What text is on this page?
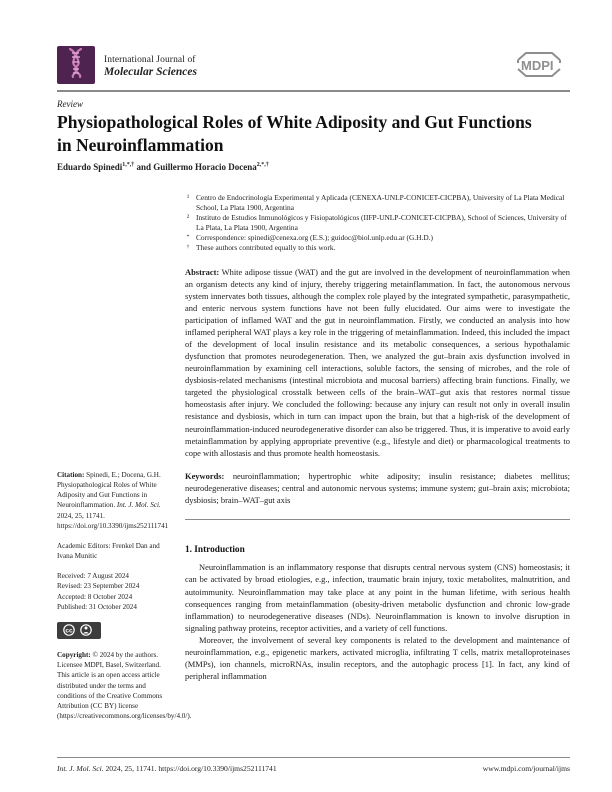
International Journal of
Molecular Sciences	MDPI
Review
Physiopathological Roles of White Adiposity and Gut Functions in Neuroinflammation
Eduardo Spinedi$^{1,*,\dagger}$ and Guillermo Horacio Docena$^{2,*,\dagger}$
1 Centro de Endocrinología Experimental y Aplicada (CENEXA-UNLP-CONICET-CICPBA), University of La Plata Medical School, La Plata 1900, Argentina
2 Instituto de Estudios Inmunológicos y Fisiopatológicos (IIFP-UNLP-CONICET-CICPBA), School of Sciences, University of La Plata, La Plata 1900, Argentina
* Correspondence: spinedi@cenexa.org (E.S.); guidoc@biol.unlp.edu.ar (G.H.D.)
† These authors contributed equally to this work.

Abstract: White adipose tissue (WAT) and the gut are involved in the development of neuroinflammation when an organism detects any kind of injury, thereby triggering metainflammation. In fact, the autonomous nervous system innervates both tissues, although the complex role played by the integrated sympathetic, parasympathetic, and enteric nervous system functions have not been fully elucidated. Our aims were to investigate the participation of inflamed WAT and the gut in neuroinflammation. Firstly, we conducted an analysis into how inflamed peripheral WAT plays a key role in the triggering of metainflammation. Indeed, this included the impact of the development of local insulin resistance and its metabolic consequences, a serious hypothalamic dysfunction that promotes neurodegeneration. Then, we analyzed the gut–brain axis dysfunction involved in neuroinflammation by examining cell interactions, soluble factors, the sensing of microbes, and the role of dysbiosis-related mechanisms (intestinal microbiota and mucosal barriers) affecting brain functions. Finally, we targeted the physiological crosstalk between cells of the brain–WAT–gut axis that restores normal tissue homeostasis after injury. We concluded the following: because any injury can result not only in overall insulin resistance and dysbiosis, which in turn can impact upon the brain, but that a high-risk of the development of neuroinflammation-induced neurodegenerative disorder can also be triggered. Thus, it is imperative to avoid early metainflammation by applying appropriate preventive (e.g., lifestyle and diet) or pharmacological treatments to cope with allostasis and thus promote health homeostasis.

Keywords: neuroinflammation; hypertrophic white adiposity; insulin resistance; diabetes mellitus; neurodegenerative diseases; central and autonomic nervous systems; immune system; gut–brain axis; microbiota; dysbiosis; brain–WAT–gut axis

1. Introduction

Neuroinflammation is an inflammatory response that disrupts central nervous system (CNS) homeostasis; it can be activated by broad etiologies, e.g., infection, traumatic brain injury, toxic metabolites, malnutrition, and autoimmunity. Neuroinflammation may take place at any point in the human lifetime, with serious health consequences ranging from metainflammation (obesity-driven metabolic dysfunction and chronic low-grade inflammation) to neurodegenerative diseases (NDs). Neuroinflammation is known to involve disruption in signaling pathway proteins, receptor activities, and a variety of cell functions.

Moreover, the involvement of several key components is related to the development and maintenance of neuroinflammation, e.g., epigenetic markers, activated microglia, infiltrating T cells, matrix metalloproteinases (MMPs), ion channels, microRNAs, insulin receptors, and the autophagic process [1]. In fact, any kind of peripheral inflammation

Citation: Spinedi, E.; Docena, G.H. Physiopathological Roles of White Adiposity and Gut Functions in Neuroinflammation. Int. J. Mol. Sci. 2024, 25, 11741. https://doi.org/10.3390/ijms252111741
Academic Editors: Frenkel Dan and Ivana Munitic
Received: 7 August 2024
Revised: 23 September 2024
Accepted: 8 October 2024
Published: 31 October 2024
cc
Copyright: © 2024 by the authors. Licensee MDPI, Basel, Switzerland. This article is an open access article distributed under the terms and conditions of the Creative Commons Attribution (CC BY) license (https://creativecommons.org/licenses/by/4.0/).
Int. J. Mol. Sci. 2024, 25, 11741. https://doi.org/10.3390/ijms252111741	www.mdpi.com/journal/ijms
